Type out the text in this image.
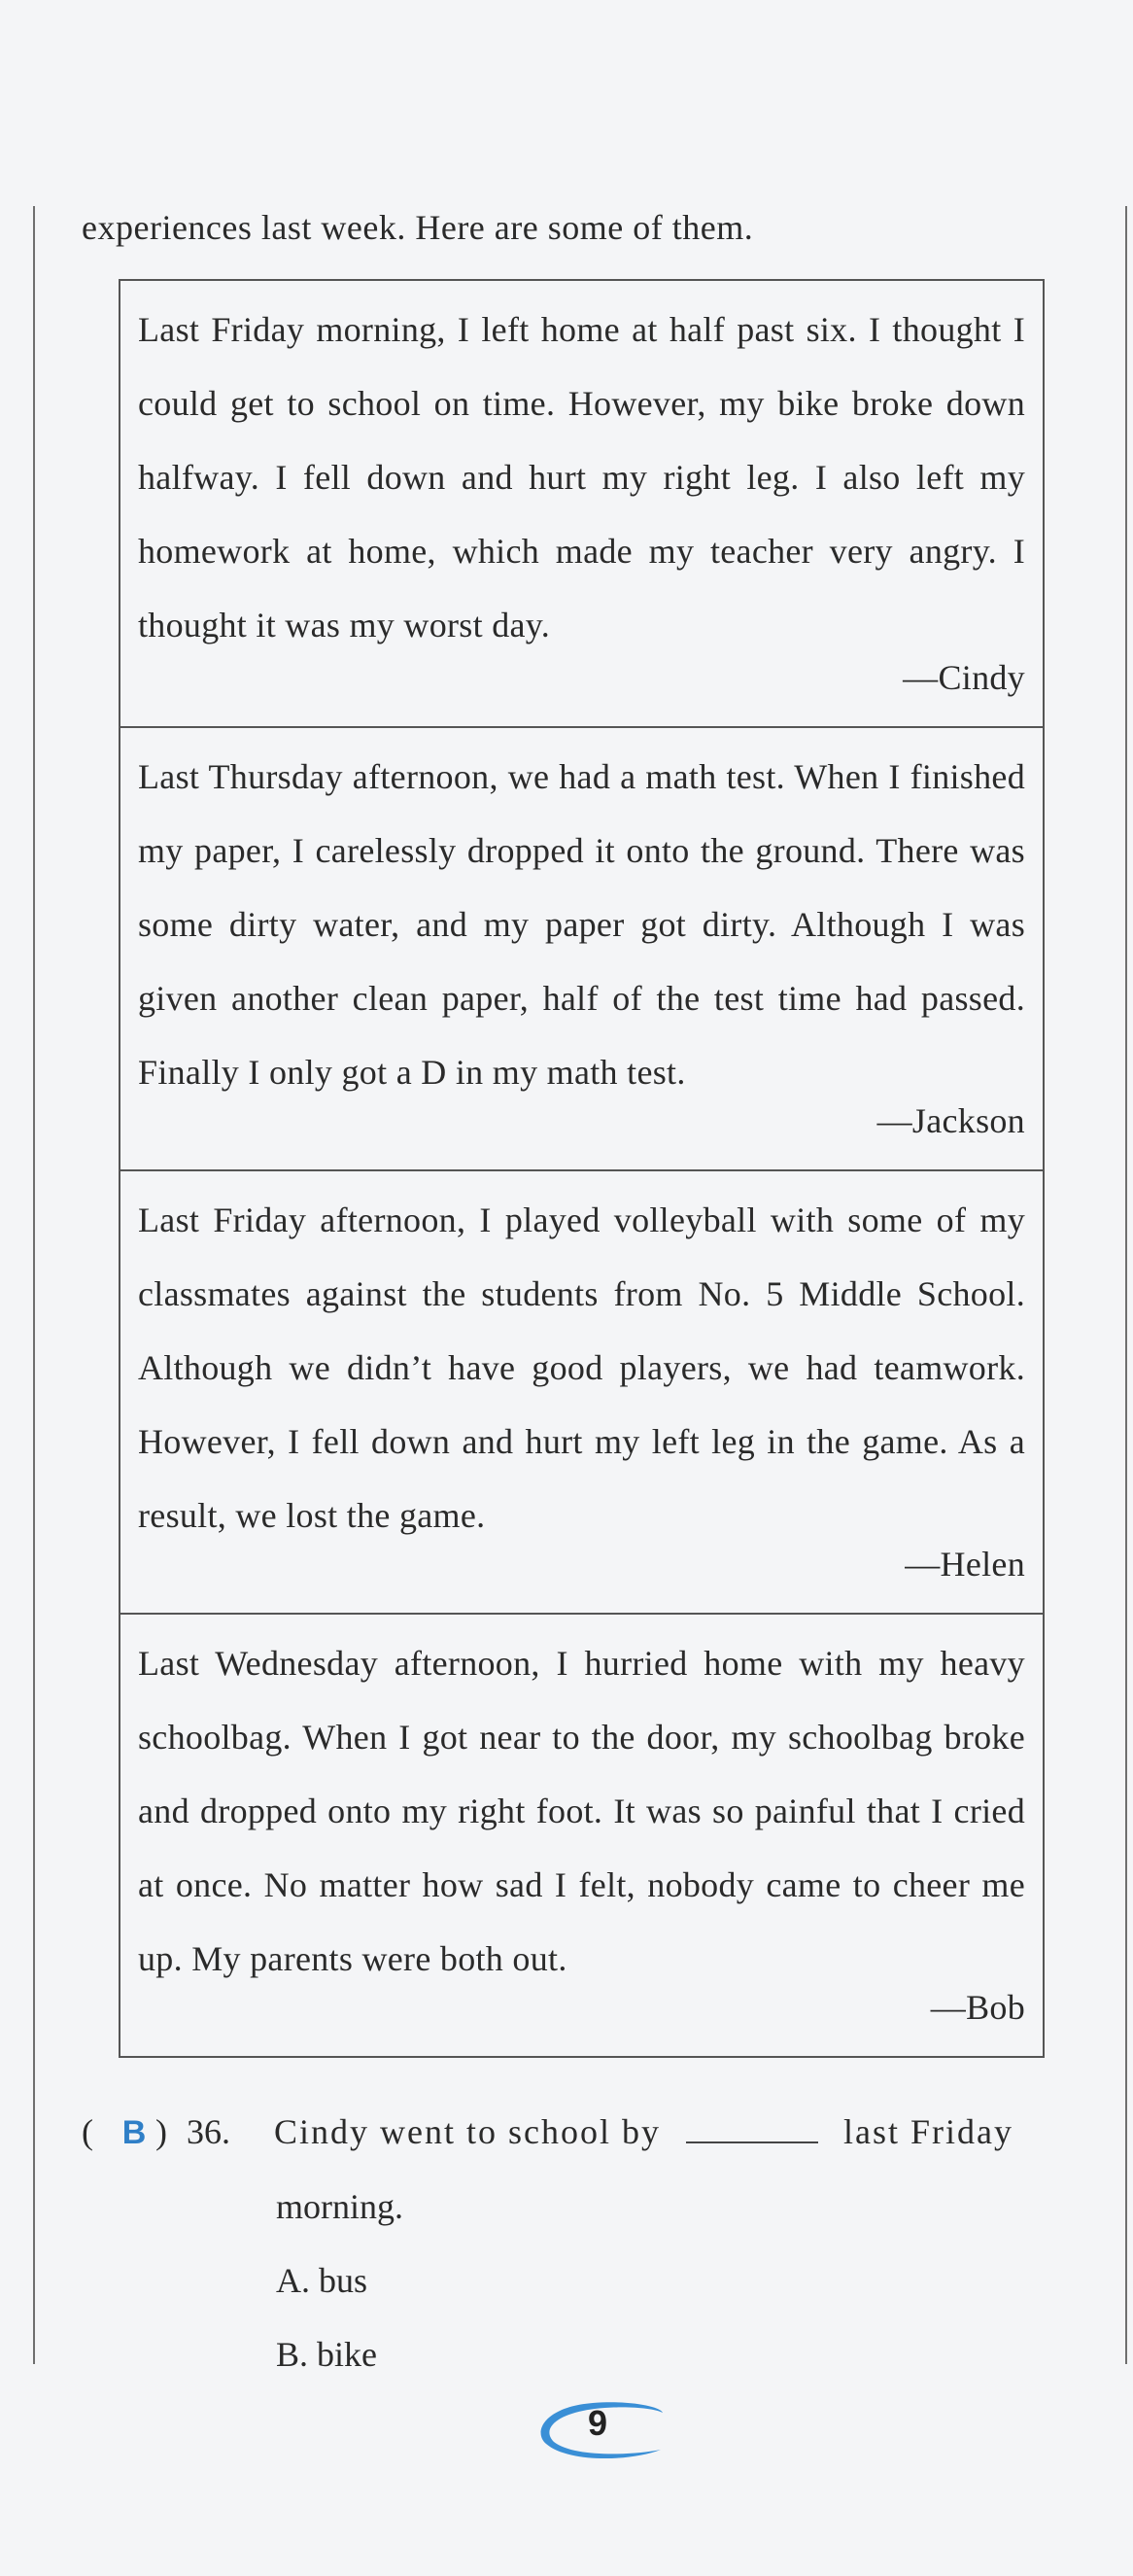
experiences last week. Here are some of them.
Last Friday morning, I left home at half past six. I thought I could get to school on time. However, my bike broke down halfway. I fell down and hurt my right leg. I also left my homework at home, which made my teacher very angry. I thought it was my worst day.
—Cindy
Last Thursday afternoon, we had a math test. When I finished my paper, I carelessly dropped it onto the ground. There was some dirty water, and my paper got dirty. Although I was given another clean paper, half of the test time had passed. Finally I only got a D in my math test.
—Jackson
Last Friday afternoon, I played volleyball with some of my classmates against the students from No. 5 Middle School. Although we didn’t have good players, we had teamwork. However, I fell down and hurt my left leg in the game. As a result, we lost the game.
—Helen
Last Wednesday afternoon, I hurried home with my heavy schoolbag. When I got near to the door, my schoolbag broke and dropped onto my right foot. It was so painful that I cried at once. No matter how sad I felt, nobody came to cheer me up. My parents were both out.
—Bob
( B ) 36.	Cindy went to school by	last Friday
morning.
A. bus
B. bike
9
